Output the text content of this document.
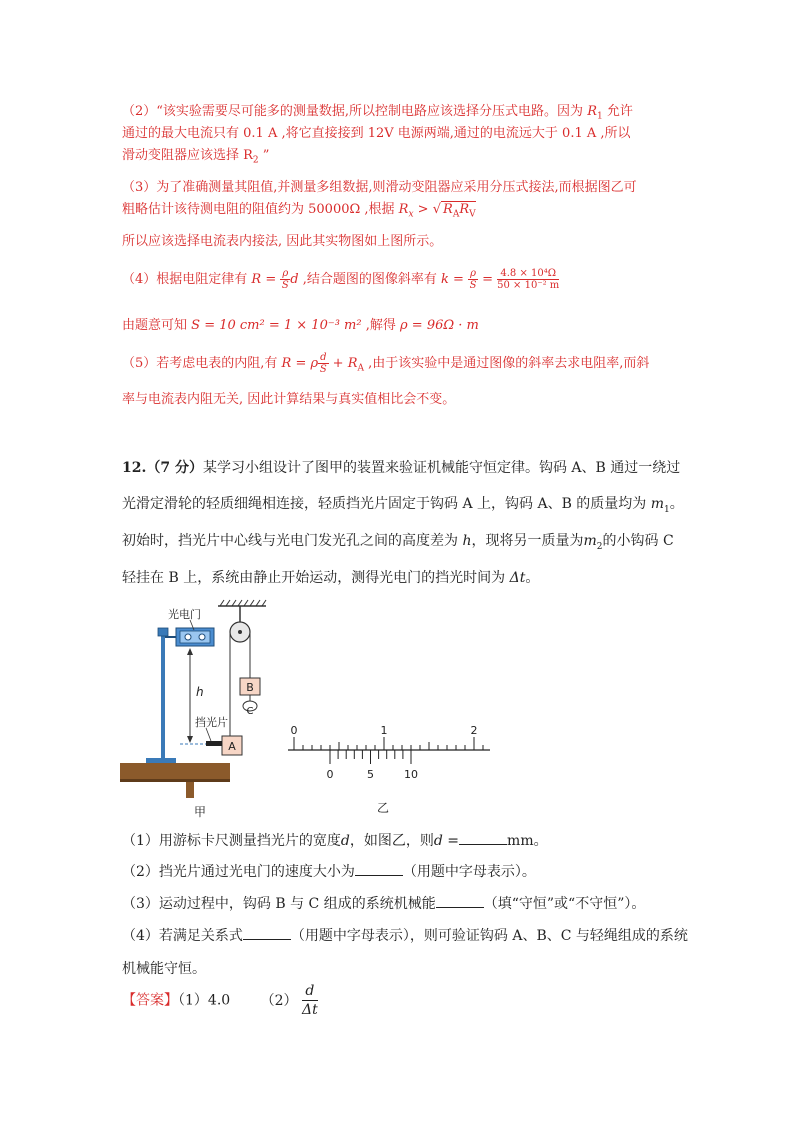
（2）“该实验需要尽可能多的测量数据,所以控制电路应该选择分压式电路。因为 $R_1$ 允许
通过的最大电流只有 0.1 A ,将它直接接到 12V 电源两端,通过的电流远大于 0.1 A ,所以
滑动变阻器应该选择 $R_2$ ”
（3）为了准确测量其阻值,并测量多组数据,则滑动变阻器应采用分压式接法,而根据图乙可
粗略估计该待测电阻的阻值约为 50000Ω ,根据 $R_x$ > √ $R_AR_V$
所以应该选择电流表内接法, 因此其实物图如上图所示。
（4）根据电阻定律有 $R = \frac{\rho}{S}$ d ,结合题图的图像斜率有 $k = \frac{\rho}{S} = \frac{\text{4.8 × 10⁴Ω}}{\text{50 × 10⁻² m}}$
由题意可知 S = 10 cm² = 1 × 10⁻³ m² ,解得 ρ = 96Ω · m
（5）若考虑电表的内阻,有 R = ρ $\frac{d}{S} + R_A$ ,由于该实验中是通过图像的斜率去求电阻率,而斜
率与电流表内阻无关, 因此计算结果与真实值相比会不变。
12.（7 分）某学习小组设计了图甲的装置来验证机械能守恒定律。钩码 A、B 通过一绕过
光滑定滑轮的轻质细绳相连接，轻质挡光片固定于钩码 A 上，钩码 A、B 的质量均为 $m_1$。
初始时，挡光片中心线与光电门发光孔之间的高度差为 h，现将另一质量为$m_2$的小钩码 C
轻挂在 B 上，系统由静止开始运动，测得光电门的挡光时间为 Δt。
B
C
A
挡光片
光电门
h
甲
0	1	2
0	5	10
乙
（1）用游标卡尺测量挡光片的宽度d，如图乙，则d =	mm。
（2）挡光片通过光电门的速度大小为	（用题中字母表示）。
（3）运动过程中，钩码 B 与 C 组成的系统机械能	（填“守恒”或“不守恒”）。
（4）若满足关系式	（用题中字母表示），则可验证钩码 A、B、C 与轻绳组成的系统
机械能守恒。
【答案】（1）4.0 $(2) \frac{d}{\Delta t}$
